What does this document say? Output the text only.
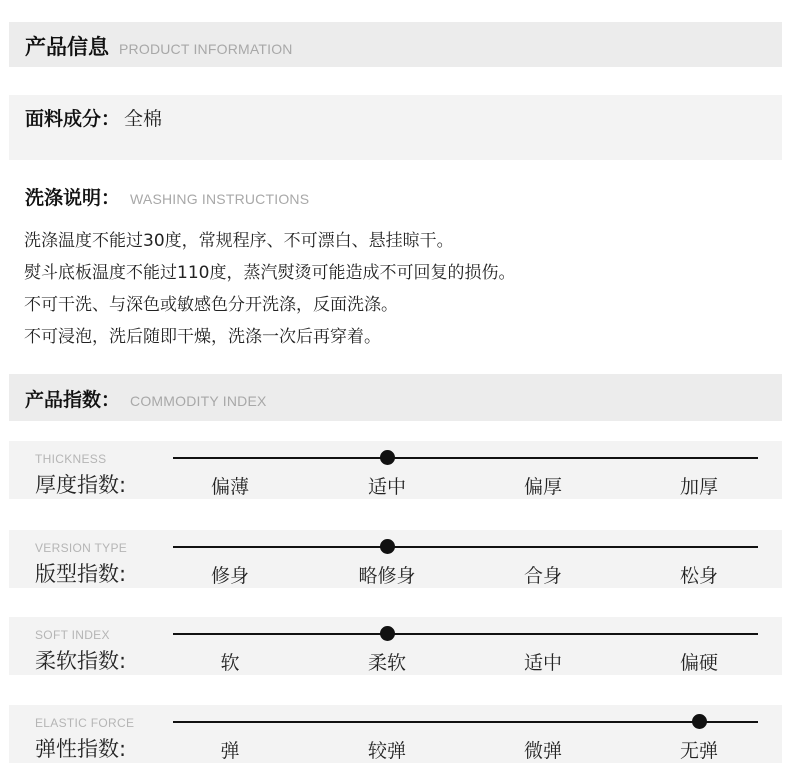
产品信息 PRODUCT INFORMATION
面料成分： 全棉
洗涤说明： WASHING INSTRUCTIONS
洗涤温度不能过30度，常规程序、不可漂白、悬挂晾干。
熨斗底板温度不能过110度，蒸汽熨烫可能造成不可回复的损伤。
不可干洗、与深色或敏感色分开洗涤，反面洗涤。
不可浸泡，洗后随即干燥，洗涤一次后再穿着。
产品指数： COMMODITY INDEX
THICKNESS
厚度指数:	偏薄	适中	偏厚	加厚
VERSION TYPE
版型指数:	修身	略修身	合身	松身
SOFT INDEX
柔软指数:	软	柔软	适中	偏硬
ELASTIC FORCE
弹性指数:	弹	较弹	微弹	无弹
